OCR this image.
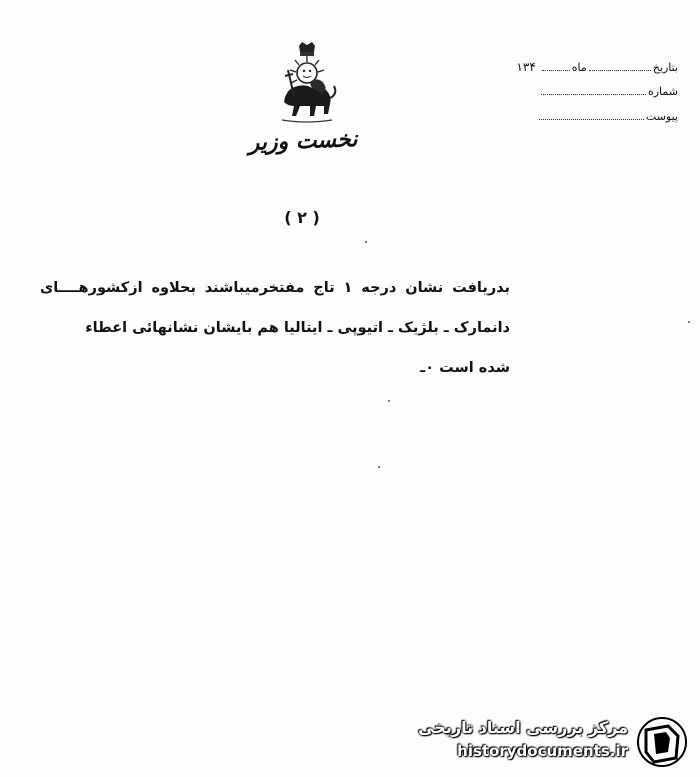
نخست وزیر
بتاریخ
ماه
۱۳۴
شماره
پیوست
( ۲ )
بدریافت نشان درجه ۱ تاج مفتخرمیباشند بحلاوه ازکشورهــــای
دانمارک ـ بلژیک ـ اتیوپی ـ ایتالیا هم بایشان نشانهائی اعطاء
شده است ٠ـ
مرکز بررسی اسناد تاریخی
historydocuments.ir
